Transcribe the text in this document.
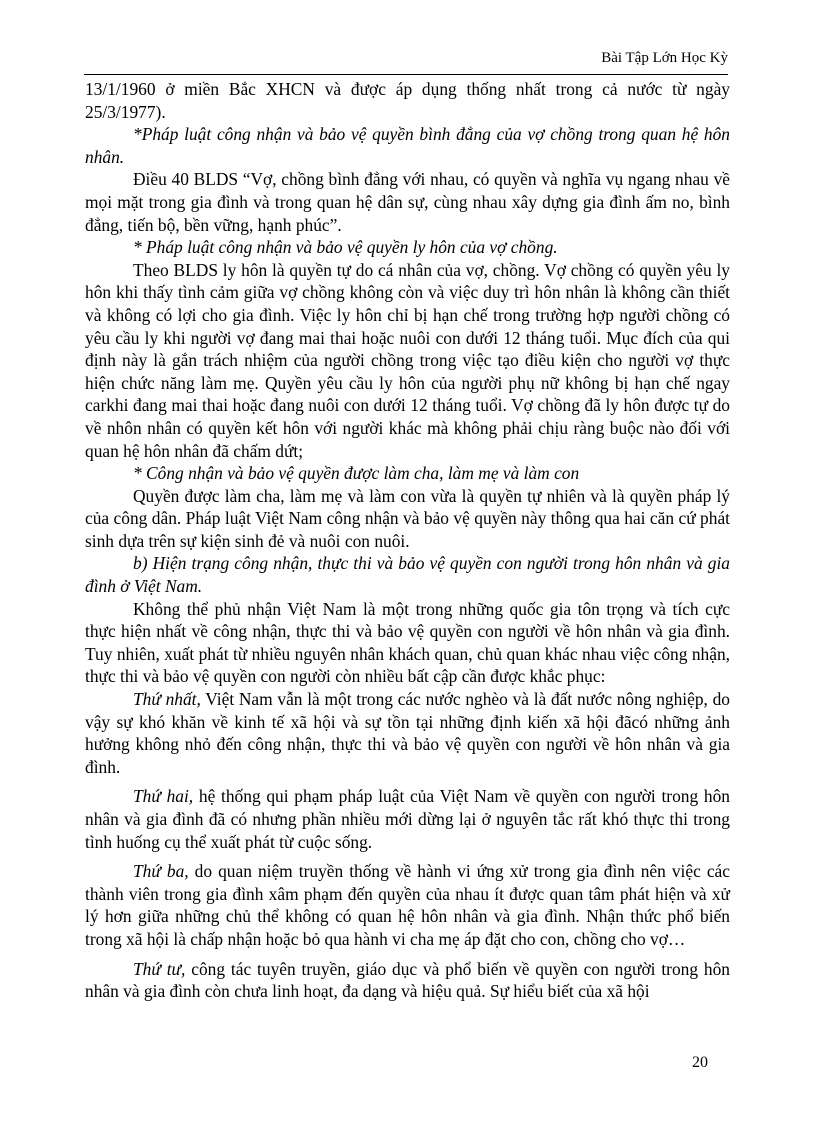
Bài Tập Lớn Học Kỳ

13/1/1960 ở miền Bắc XHCN và được áp dụng thống nhất trong cả nước từ ngày 25/3/1977).

*Pháp luật công nhận và bảo vệ quyền bình đẳng của vợ chồng trong quan hệ hôn nhân.

Điều 40 BLDS “Vợ, chồng bình đẳng với nhau, có quyền và nghĩa vụ ngang nhau về mọi mặt trong gia đình và trong quan hệ dân sự, cùng nhau xây dựng gia đình ấm no, bình đẳng, tiến bộ, bền vững, hạnh phúc”.

* Pháp luật công nhận và bảo vệ quyền ly hôn của vợ chồng.

Theo BLDS ly hôn là quyền tự do cá nhân của vợ, chồng. Vợ chồng có quyền yêu ly hôn khi thấy tình cảm giữa vợ chồng không còn và việc duy trì hôn nhân là không cần thiết và không có lợi cho gia đình. Việc ly hôn chỉ bị hạn chế trong trường hợp người chồng có yêu cầu ly khi người vợ đang mai thai hoặc nuôi con dưới 12 tháng tuổi. Mục đích của qui định này là gắn trách nhiệm của người chồng trong việc tạo điều kiện cho người vợ thực hiện chức năng làm mẹ. Quyền yêu cầu ly hôn của người phụ nữ không bị hạn chế ngay carkhi đang mai thai hoặc đang nuôi con dưới 12 tháng tuổi. Vợ chồng đã ly hôn được tự do về nhôn nhân có quyền kết hôn với người khác mà không phải chịu ràng buộc nào đối với quan hệ hôn nhân đã chấm dứt;

* Công nhận và bảo vệ quyền được làm cha, làm mẹ và làm con

Quyền được làm cha, làm mẹ và làm con vừa là quyền tự nhiên và là quyền pháp lý của công dân. Pháp luật Việt Nam công nhận và bảo vệ quyền này thông qua hai căn cứ phát sinh dựa trên sự kiện sinh đẻ và nuôi con nuôi.

b) Hiện trạng công nhận, thực thi và bảo vệ quyền con người trong hôn nhân và gia đình ở Việt Nam.

Không thể phủ nhận Việt Nam là một trong những quốc gia tôn trọng và tích cực thực hiện nhất về công nhận, thực thi và bảo vệ quyền con người về hôn nhân và gia đình. Tuy nhiên, xuất phát từ nhiều nguyên nhân khách quan, chủ quan khác nhau việc công nhận, thực thi và bảo vệ quyền con người còn nhiều bất cập cần được khắc phục:

Thứ nhất, Việt Nam vẫn là một trong các nước nghèo và là đất nước nông nghiệp, do vậy sự khó khăn về kinh tế xã hội và sự tồn tại những định kiến xã hội đãcó những ảnh hưởng không nhỏ đến công nhận, thực thi và bảo vệ quyền con người về hôn nhân và gia đình.

Thứ hai, hệ thống qui phạm pháp luật của Việt Nam về quyền con người trong hôn nhân và gia đình đã có nhưng phần nhiều mới dừng lại ở nguyên tắc rất khó thực thi trong tình huống cụ thể xuất phát từ cuộc sống.

Thứ ba, do quan niệm truyền thống về hành vi ứng xử trong gia đình nên việc các thành viên trong gia đình xâm phạm đến quyền của nhau ít được quan tâm phát hiện và xử lý hơn giữa những chủ thể không có quan hệ hôn nhân và gia đình. Nhận thức phổ biến trong xã hội là chấp nhận hoặc bỏ qua hành vi cha mẹ áp đặt cho con, chồng cho vợ…

Thứ tư, công tác tuyên truyền, giáo dục và phổ biến về quyền con người trong hôn nhân và gia đình còn chưa linh hoạt, đa dạng và hiệu quả. Sự hiểu biết của xã hội

20
